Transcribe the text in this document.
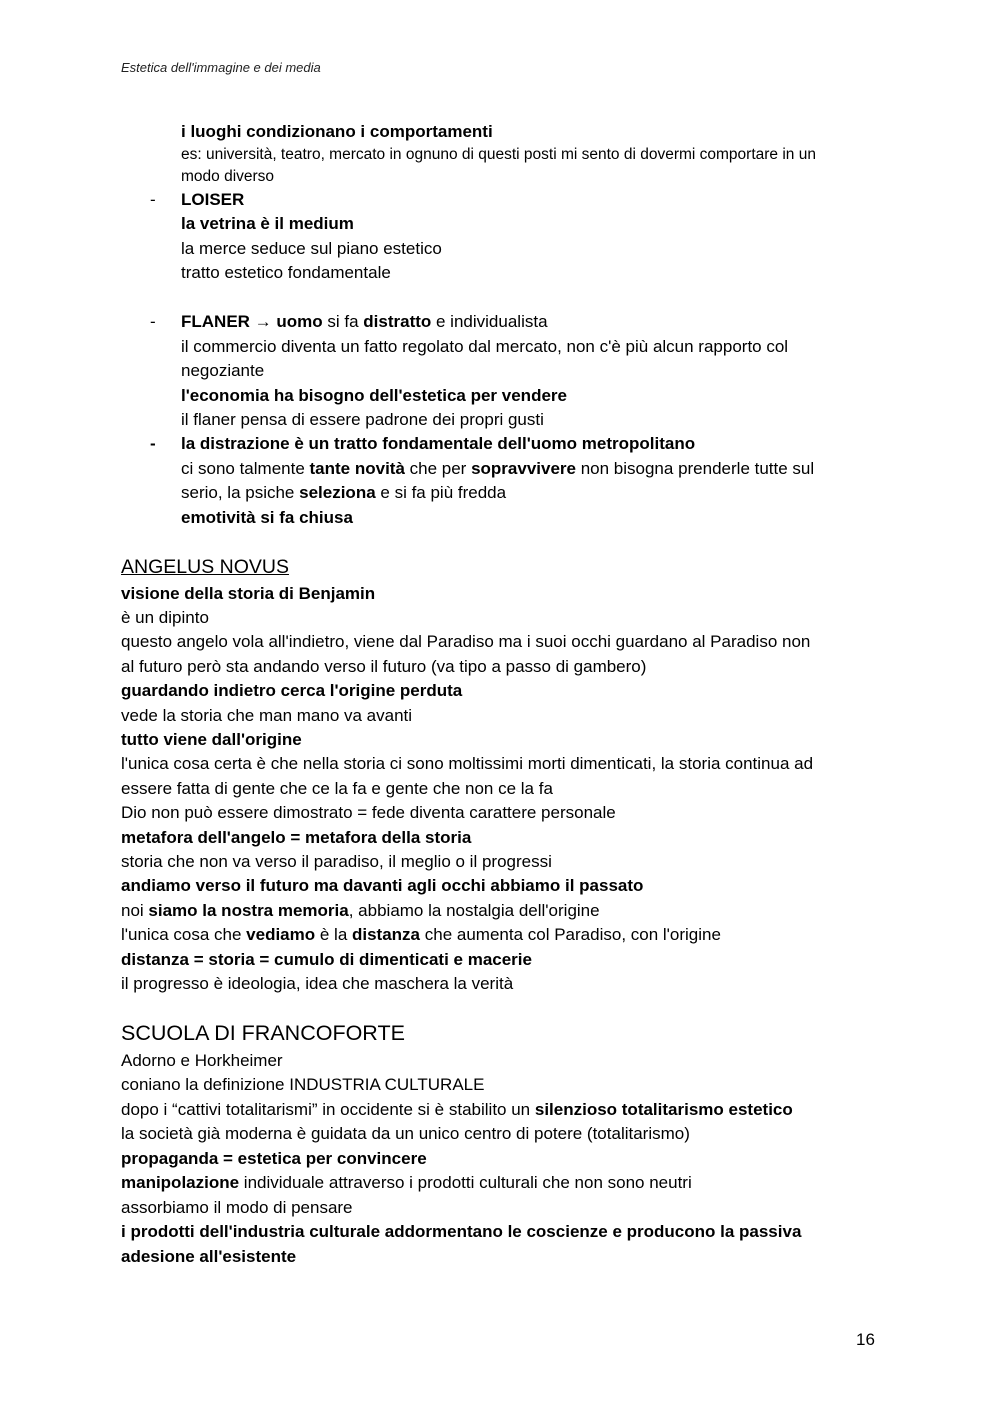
Estetica dell'immagine e dei media
i luoghi condizionano i comportamenti
es: università, teatro, mercato in ognuno di questi posti mi sento di dovermi comportare in un
modo diverso
- LOISER
la vetrina è il medium
la merce seduce sul piano estetico
tratto estetico fondamentale
- FLANER → uomo si fa distratto e individualista
il commercio diventa un fatto regolato dal mercato, non c'è più alcun rapporto col
negoziante
l'economia ha bisogno dell'estetica per vendere
il flaner pensa di essere padrone dei propri gusti
- la distrazione è un tratto fondamentale dell'uomo metropolitano
ci sono talmente tante novità che per sopravvivere non bisogna prenderle tutte sul
serio, la psiche seleziona e si fa più fredda
emotività si fa chiusa
ANGELUS NOVUS
visione della storia di Benjamin
è un dipinto
questo angelo vola all'indietro, viene dal Paradiso ma i suoi occhi guardano al Paradiso non
al futuro però sta andando verso il futuro (va tipo a passo di gambero)
guardando indietro cerca l'origine perduta
vede la storia che man mano va avanti
tutto viene dall'origine
l'unica cosa certa è che nella storia ci sono moltissimi morti dimenticati, la storia continua ad
essere fatta di gente che ce la fa e gente che non ce la fa
Dio non può essere dimostrato = fede diventa carattere personale
metafora dell'angelo = metafora della storia
storia che non va verso il paradiso, il meglio o il progressi
andiamo verso il futuro ma davanti agli occhi abbiamo il passato
noi siamo la nostra memoria, abbiamo la nostalgia dell'origine
l'unica cosa che vediamo è la distanza che aumenta col Paradiso, con l'origine
distanza = storia = cumulo di dimenticati e macerie
il progresso è ideologia, idea che maschera la verità
SCUOLA DI FRANCOFORTE
Adorno e Horkheimer
coniano la definizione INDUSTRIA CULTURALE
dopo i “cattivi totalitarismi” in occidente si è stabilito un silenzioso totalitarismo estetico
la società già moderna è guidata da un unico centro di potere (totalitarismo)
propaganda = estetica per convincere
manipolazione individuale attraverso i prodotti culturali che non sono neutri
assorbiamo il modo di pensare
i prodotti dell'industria culturale addormentano le coscienze e producono la passiva
adesione all'esistente
16
